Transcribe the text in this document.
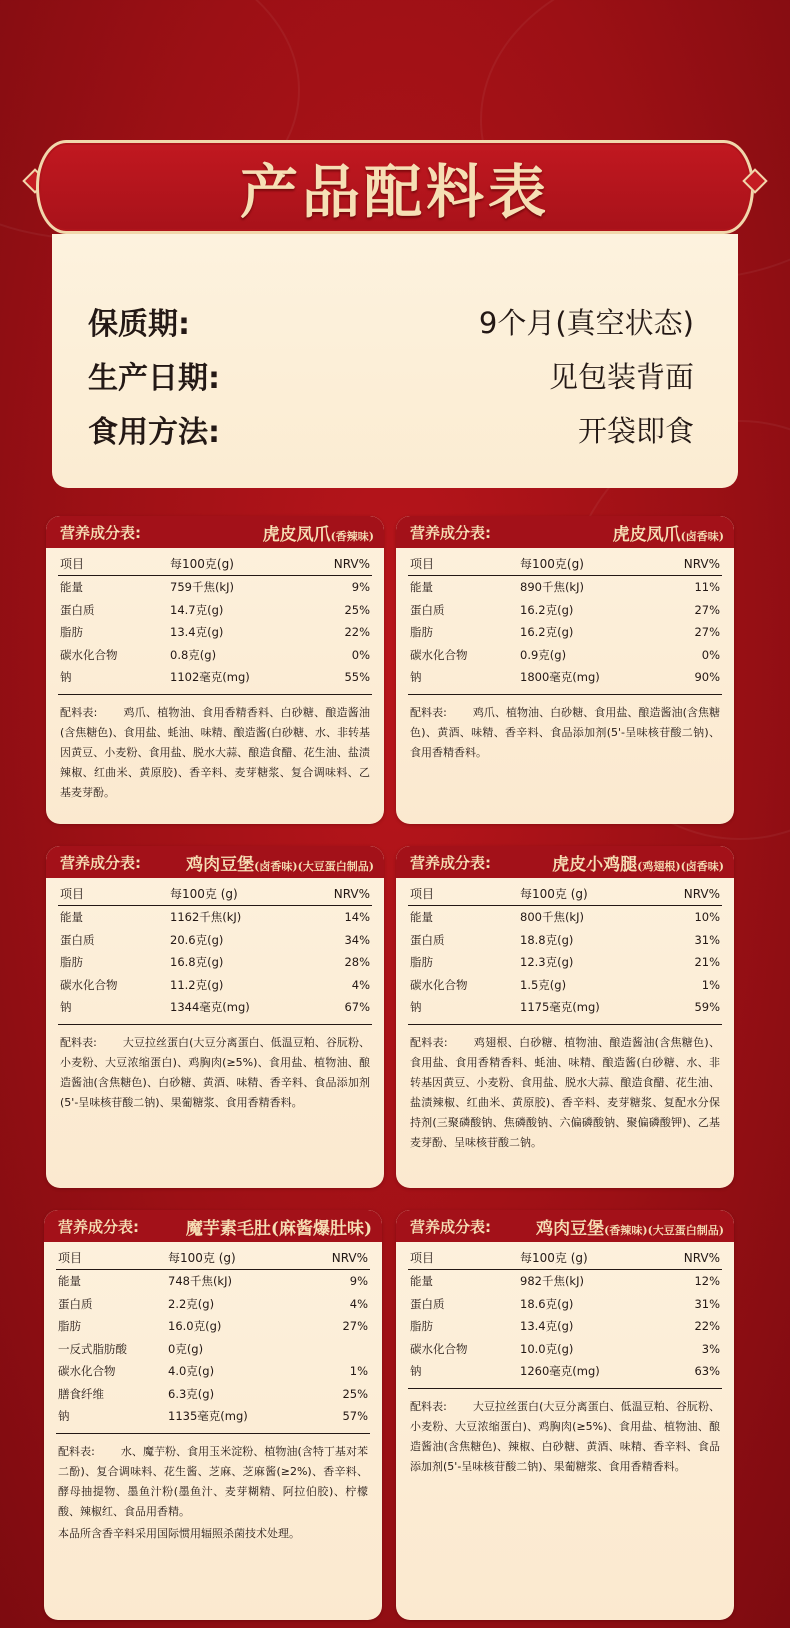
产品配料表
保质期:	9个月(真空状态)
生产日期:	见包装背面
食用方法:	开袋即食
营养成分表:	虎皮凤爪(香辣味)
项目	每100克(g)	NRV%
能量	759千焦(kJ)	9%
蛋白质	14.7克(g)	25%
脂肪	13.4克(g)	22%
碳水化合物	0.8克(g)	0%
钠	1102毫克(mg)	55%
配料表: 鸡爪、植物油、食用香精香料、白砂糖、酿造酱油(含焦糖色)、食用盐、蚝油、味精、酿造酱(白砂糖、水、非转基因黄豆、小麦粉、食用盐、脱水大蒜、酿造食醋、花生油、盐渍辣椒、红曲米、黄原胶)、香辛料、麦芽糖浆、复合调味料、乙基麦芽酚。
营养成分表:	虎皮凤爪(卤香味)
项目	每100克(g)	NRV%
能量	890千焦(kJ)	11%
蛋白质	16.2克(g)	27%
脂肪	16.2克(g)	27%
碳水化合物	0.9克(g)	0%
钠	1800毫克(mg)	90%
配料表: 鸡爪、植物油、白砂糖、食用盐、酿造酱油(含焦糖色)、黄酒、味精、香辛料、食品添加剂(5'-呈味核苷酸二钠)、食用香精香料。
营养成分表:	鸡肉豆堡(卤香味)(大豆蛋白制品)
项目	每100克 (g)	NRV%
能量	1162千焦(kJ)	14%
蛋白质	20.6克(g)	34%
脂肪	16.8克(g)	28%
碳水化合物	11.2克(g)	4%
钠	1344毫克(mg)	67%
配料表: 大豆拉丝蛋白(大豆分离蛋白、低温豆粕、谷朊粉、小麦粉、大豆浓缩蛋白)、鸡胸肉(≥5%)、食用盐、植物油、酿造酱油(含焦糖色)、白砂糖、黄酒、味精、香辛料、食品添加剂(5'-呈味核苷酸二钠)、果葡糖浆、食用香精香料。
营养成分表:	虎皮小鸡腿(鸡翅根)(卤香味)
项目	每100克 (g)	NRV%
能量	800千焦(kJ)	10%
蛋白质	18.8克(g)	31%
脂肪	12.3克(g)	21%
碳水化合物	1.5克(g)	1%
钠	1175毫克(mg)	59%
配料表: 鸡翅根、白砂糖、植物油、酿造酱油(含焦糖色)、食用盐、食用香精香料、蚝油、味精、酿造酱(白砂糖、水、非转基因黄豆、小麦粉、食用盐、脱水大蒜、酿造食醋、花生油、盐渍辣椒、红曲米、黄原胶)、香辛料、麦芽糖浆、复配水分保持剂(三聚磷酸钠、焦磷酸钠、六偏磷酸钠、聚偏磷酸钾)、乙基麦芽酚、呈味核苷酸二钠。
营养成分表:	魔芋素毛肚(麻酱爆肚味)
项目	每100克 (g)	NRV%
能量	748千焦(kJ)	9%
蛋白质	2.2克(g)	4%
脂肪	16.0克(g)	27%
一反式脂肪酸	0克(g)
碳水化合物	4.0克(g)	1%
膳食纤维	6.3克(g)	25%
钠	1135毫克(mg)	57%
配料表: 水、魔芋粉、食用玉米淀粉、植物油(含特丁基对苯二酚)、复合调味料、花生酱、芝麻、芝麻酱(≥2%)、香辛料、酵母抽提物、墨鱼汁粉(墨鱼汁、麦芽糊精、阿拉伯胶)、柠檬酸、辣椒红、食品用香精。
本品所含香辛料采用国际惯用辐照杀菌技术处理。
营养成分表:	鸡肉豆堡(香辣味)(大豆蛋白制品)
项目	每100克 (g)	NRV%
能量	982千焦(kJ)	12%
蛋白质	18.6克(g)	31%
脂肪	13.4克(g)	22%
碳水化合物	10.0克(g)	3%
钠	1260毫克(mg)	63%
配料表: 大豆拉丝蛋白(大豆分离蛋白、低温豆粕、谷朊粉、小麦粉、大豆浓缩蛋白)、鸡胸肉(≥5%)、食用盐、植物油、酿造酱油(含焦糖色)、辣椒、白砂糖、黄酒、味精、香辛料、食品添加剂(5'-呈味核苷酸二钠)、果葡糖浆、食用香精香料。
